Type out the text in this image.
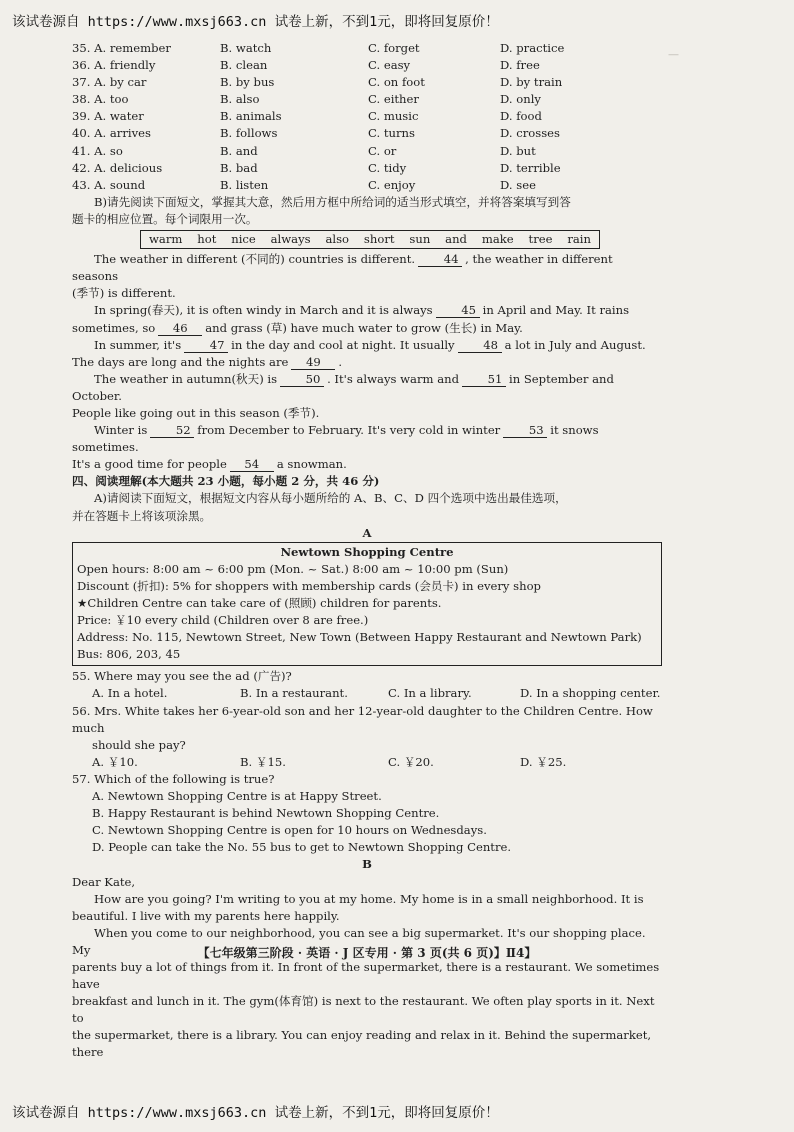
该试卷源自 https://www.mxsj663.cn 试卷上新，不到1元，即将回复原价！
—
35. A. remember	B. watch	C. forget	D. practice
36. A. friendly	B. clean	C. easy	D. free
37. A. by car	B. by bus	C. on foot	D. by train
38. A. too	B. also	C. either	D. only
39. A. water	B. animals	C. music	D. food
40. A. arrives	B. follows	C. turns	D. crosses
41. A. so	B. and	C. or	D. but
42. A. delicious	B. bad	C. tidy	D. terrible
43. A. sound	B. listen	C. enjoy	D. see

B)请先阅读下面短文，掌握其大意，然后用方框中所给词的适当形式填空，并将答案填写到答

题卡的相应位置。每个词限用一次。

warm	hot	nice	always	also	short	sun	and	make	tree	rain

The weather in different (不同的) countries is different. 44 , the weather in different seasons

(季节) is different.

In spring(春天), it is often windy in March and it is always 45 in April and May. It rains

sometimes, so 46 and grass (草) have much water to grow (生长) in May.

In summer, it's 47 in the day and cool at night. It usually 48 a lot in July and August.

The days are long and the nights are 49 .

The weather in autumn(秋天) is 50 . It's always warm and 51 in September and October.

People like going out in this season (季节).

Winter is 52 from December to February. It's very cold in winter 53 it snows sometimes.

It's a good time for people 54 a snowman.

四、阅读理解(本大题共 23 小题，每小题 2 分，共 46 分)

A)请阅读下面短文，根据短文内容从每小题所给的 A、B、C、D 四个选项中选出最佳选项，

并在答题卡上将该项涂黑。

A

Newtown Shopping Centre
Open hours: 8:00 am ~ 6:00 pm (Mon. ~ Sat.) 8:00 am ~ 10:00 pm (Sun)
Discount (折扣): 5% for shoppers with membership cards (会员卡) in every shop
★Children Centre can take care of (照顾) children for parents.
Price: ￥10 every child (Children over 8 are free.)
Address: No. 115, Newtown Street, New Town (Between Happy Restaurant and Newtown Park)
Bus: 806, 203, 45

55. Where may you see the ad (广告)?

A. In a hotel.	B. In a restaurant.	C. In a library.	D. In a shopping center.

56. Mrs. White takes her 6-year-old son and her 12-year-old daughter to the Children Centre. How much

should she pay?

A. ￥10.	B. ￥15.	C. ￥20.	D. ￥25.

57. Which of the following is true?

A. Newtown Shopping Centre is at Happy Street.

B. Happy Restaurant is behind Newtown Shopping Centre.

C. Newtown Shopping Centre is open for 10 hours on Wednesdays.

D. People can take the No. 55 bus to get to Newtown Shopping Centre.

B

Dear Kate,

How are you going? I'm writing to you at my home. My home is in a small neighborhood. It is

beautiful. I live with my parents here happily.

When you come to our neighborhood, you can see a big supermarket. It's our shopping place. My

parents buy a lot of things from it. In front of the supermarket, there is a restaurant. We sometimes have

breakfast and lunch in it. The gym(体育馆) is next to the restaurant. We often play sports in it. Next to

the supermarket, there is a library. You can enjoy reading and relax in it. Behind the supermarket, there

【七年级第三阶段 · 英语 · J 区专用 · 第 3 页(共 6 页)】Ⅱ4】
该试卷源自 https://www.mxsj663.cn 试卷上新，不到1元，即将回复原价！
